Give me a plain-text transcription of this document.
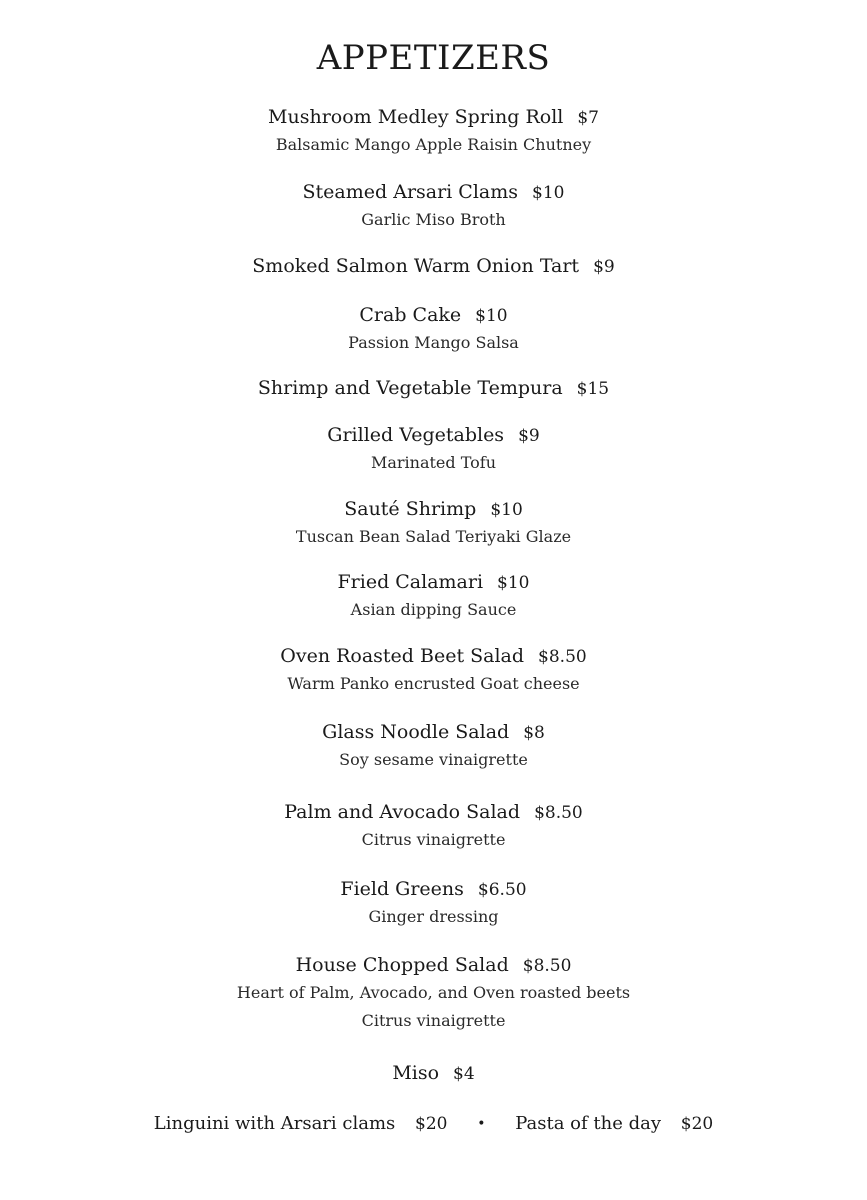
APPETIZERS
Mushroom Medley Spring Roll $7
Balsamic Mango Apple Raisin Chutney
Steamed Arsari Clams $10
Garlic Miso Broth
Smoked Salmon Warm Onion Tart $9
Crab Cake $10
Passion Mango Salsa
Shrimp and Vegetable Tempura $15
Grilled Vegetables $9
Marinated Tofu
Sauté Shrimp $10
Tuscan Bean Salad Teriyaki Glaze
Fried Calamari $10
Asian dipping Sauce
Oven Roasted Beet Salad $8.50
Warm Panko encrusted Goat cheese
Glass Noodle Salad $8
Soy sesame vinaigrette
Palm and Avocado Salad $8.50
Citrus vinaigrette
Field Greens $6.50
Ginger dressing
House Chopped Salad $8.50
Heart of Palm, Avocado, and Oven roasted beets
Citrus vinaigrette
Miso $4
Linguini with Arsari clams $20 • Pasta of the day $20
